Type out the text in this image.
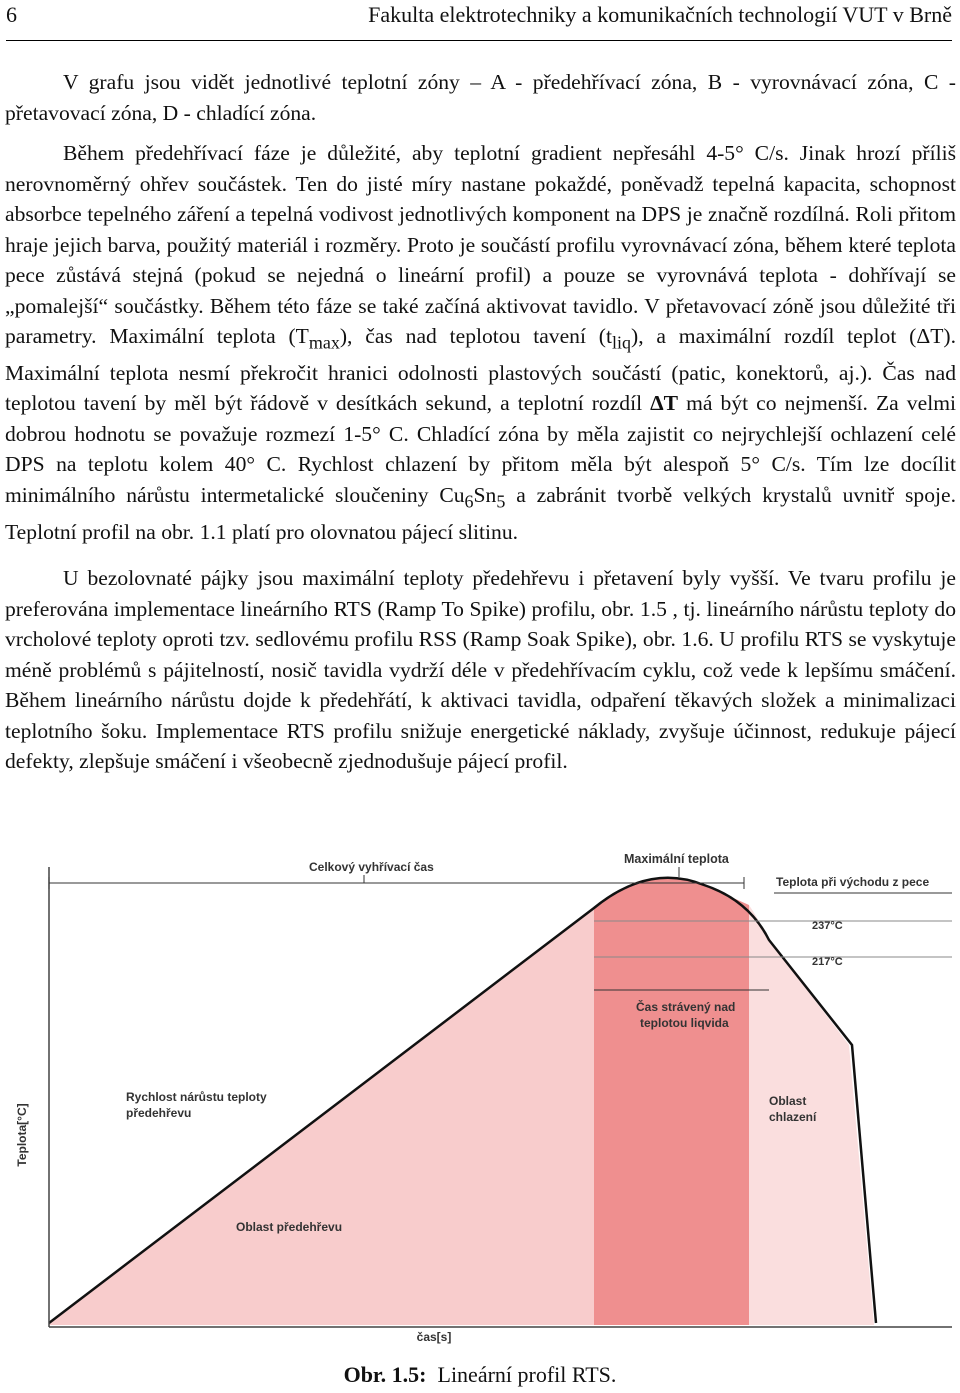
6	Fakulta elektrotechniky a komunikačních technologií VUT v Brně

V grafu jsou vidět jednotlivé teplotní zóny – A - předehřívací zóna, B - vyrovnávací zóna, C - přetavovací zóna, D - chladící zóna.

Během předehřívací fáze je důležité, aby teplotní gradient nepřesáhl 4-5° C/s. Jinak hrozí příliš nerovnoměrný ohřev součástek. Ten do jisté míry nastane pokaždé, poněvadž tepelná kapacita, schopnost absorbce tepelného záření a tepelná vodivost jednotlivých komponent na DPS je značně rozdílná. Roli přitom hraje jejich barva, použitý materiál i rozměry. Proto je součástí profilu vyrovnávací zóna, během které teplota pece zůstává stejná (pokud se nejedná o lineární profil) a pouze se vyrovnává teplota - dohřívají se „pomalejší“ součástky. Během této fáze se také začíná aktivovat tavidlo. V přetavovací zóně jsou důležité tři parametry. Maximální teplota $(T_{max})$, čas nad teplotou tavení $(t_{liq})$, a maximální rozdíl teplot (ΔT). Maximální teplota nesmí překročit hranici odolnosti plastových součástí (patic, konektorů, aj.). Čas nad teplotou tavení by měl být řádově v desítkách sekund, a teplotní rozdíl ΔT má být co nejmenší. Za velmi dobrou hodnotu se považuje rozmezí 1-5° C. Chladící zóna by měla zajistit co nejrychlejší ochlazení celé DPS na teplotu kolem 40° C. Rychlost chlazení by přitom měla být alespoň 5° C/s. Tím lze docílit minimálního nárůstu intermetalické sloučeniny $Cu_6Sn_5$ a zabránit tvorbě velkých krystalů uvnitř spoje. Teplotní profil na obr. 1.1 platí pro olovnatou pájecí slitinu.

U bezolovnaté pájky jsou maximální teploty předehřevu i přetavení byly vyšší. Ve tvaru profilu je preferována implementace lineárního RTS (Ramp To Spike) profilu, obr. 1.5 , tj. lineárního nárůstu teploty do vrcholové teploty oproti tzv. sedlovému profilu RSS (Ramp Soak Spike), obr. 1.6. U profilu RTS se vyskytuje méně problémů s pájitelností, nosič tavidla vydrží déle v předehřívacím cyklu, což vede k lepšímu smáčení. Během lineárního nárůstu dojde k předehřátí, k aktivaci tavidla, odpaření těkavých složek a minimalizaci teplotního šoku. Implementace RTS profilu snižuje energetické náklady, zvyšuje účinnost, redukuje pájecí defekty, zlepšuje smáčení i všeobecně zjednodušuje pájecí profil.

Teplota[°C]
čas[s]
Celkový vyhřívací čas
Maximální teplota
Teplota při východu z pece
237°C
217°C
Rychlost nárůstu teploty
předehřevu
Oblast předehřevu
Čas strávený nad
teplotou liqvida
Oblast
chlazení
Obr. 1.5: Lineární profil RTS.
